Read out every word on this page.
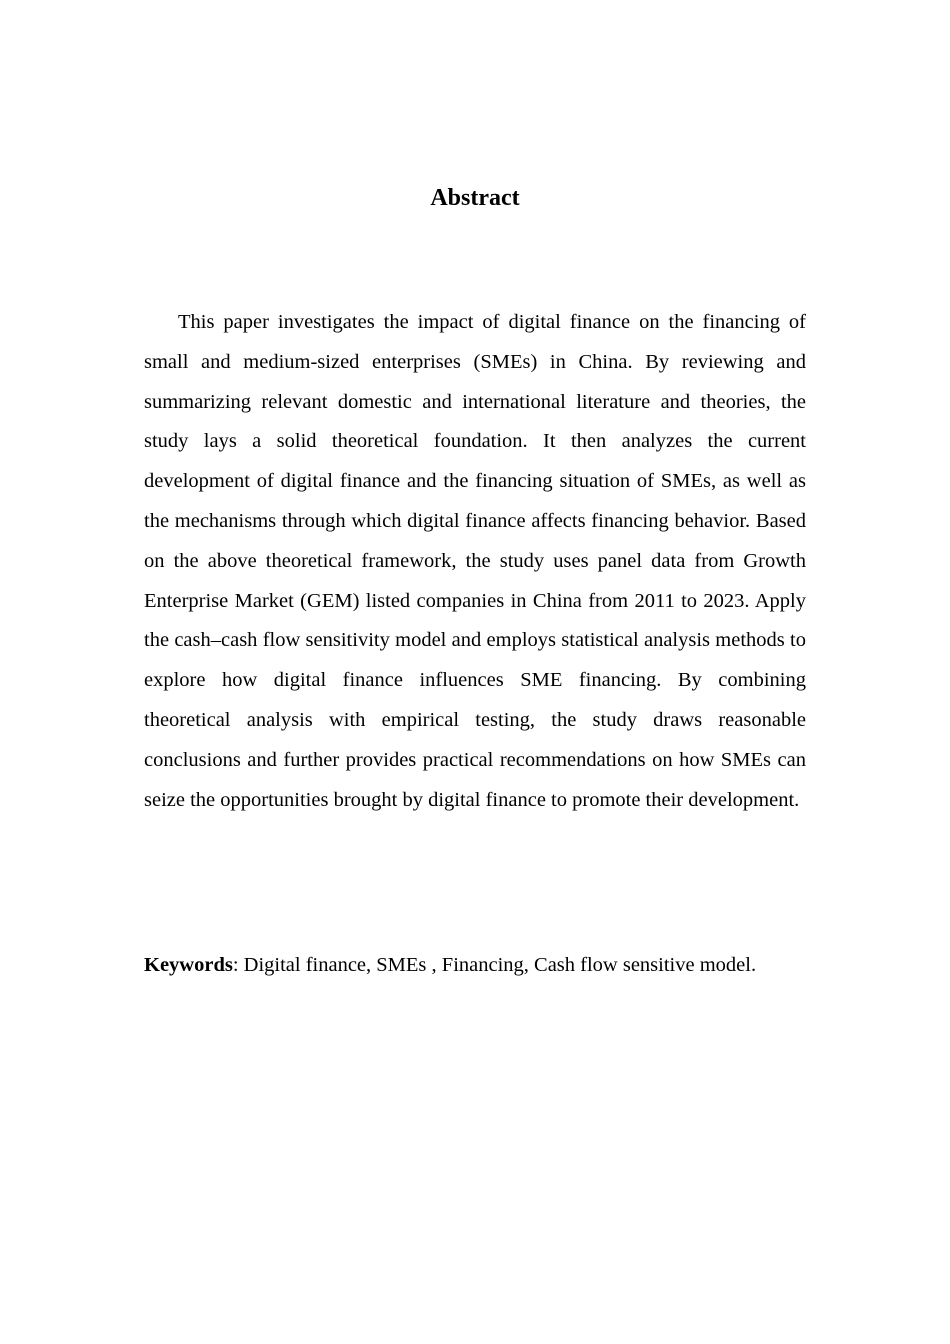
Abstract

This paper investigates the impact of digital finance on the financing of small and medium-sized enterprises (SMEs) in China. By reviewing and summarizing relevant domestic and international literature and theories, the study lays a solid theoretical foundation. It then analyzes the current development of digital finance and the financing situation of SMEs, as well as the mechanisms through which digital finance affects financing behavior. Based on the above theoretical framework, the study uses panel data from Growth Enterprise Market (GEM) listed companies in China from 2011 to 2023. Apply the cash–cash flow sensitivity model and employs statistical analysis methods to explore how digital finance influences SME financing. By combining theoretical analysis with empirical testing, the study draws reasonable conclusions and further provides practical recommendations on how SMEs can seize the opportunities brought by digital finance to promote their development.

Keywords: Digital finance, SMEs , Financing, Cash flow sensitive model.
